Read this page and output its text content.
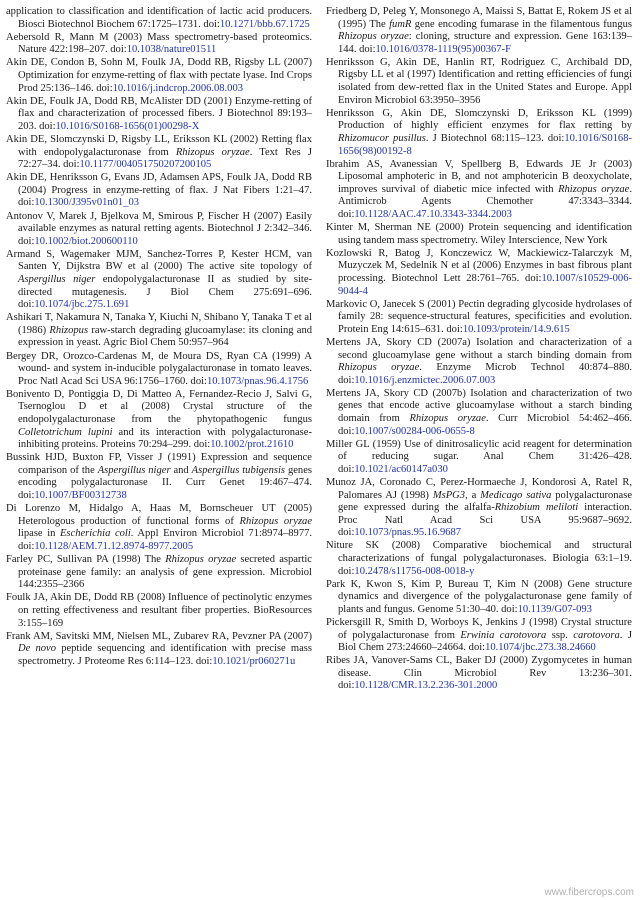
application to classification and identification of lactic acid producers. Biosci Biotechnol Biochem 67:1725–1731. doi:10.1271/bbb.67.1725

Aebersold R, Mann M (2003) Mass spectrometry-based proteomics. Nature 422:198–207. doi:10.1038/nature01511

Akin DE, Condon B, Sohn M, Foulk JA, Dodd RB, Rigsby LL (2007) Optimization for enzyme-retting of flax with pectate lyase. Ind Crops Prod 25:136–146. doi:10.1016/j.indcrop.2006.08.003

Akin DE, Foulk JA, Dodd RB, McAlister DD (2001) Enzyme-retting of flax and characterization of processed fibers. J Biotechnol 89:193–203. doi:10.1016/S0168-1656(01)00298-X

Akin DE, Slomczynski D, Rigsby LL, Eriksson KL (2002) Retting flax with endopolygalacturonase from Rhizopus oryzae. Text Res J 72:27–34. doi:10.1177/004051750207200105

Akin DE, Henriksson G, Evans JD, Adamsen APS, Foulk JA, Dodd RB (2004) Progress in enzyme-retting of flax. J Nat Fibers 1:21–47. doi:10.1300/J395v01n01_03

Antonov V, Marek J, Bjelkova M, Smirous P, Fischer H (2007) Easily available enzymes as natural retting agents. Biotechnol J 2:342–346. doi:10.1002/biot.200600110

Armand S, Wagemaker MJM, Sanchez-Torres P, Kester HCM, van Santen Y, Dijkstra BW et al (2000) The active site topology of Aspergillus niger endopolygalacturonase II as studied by site-directed mutagenesis. J Biol Chem 275:691–696. doi:10.1074/jbc.275.1.691

Ashikari T, Nakamura N, Tanaka Y, Kiuchi N, Shibano Y, Tanaka T et al (1986) Rhizopus raw-starch degrading glucoamylase: its cloning and expression in yeast. Agric Biol Chem 50:957–964

Bergey DR, Orozco-Cardenas M, de Moura DS, Ryan CA (1999) A wound- and system in-inducible polygalacturonase in tomato leaves. Proc Natl Acad Sci USA 96:1756–1760. doi:10.1073/pnas.96.4.1756

Bonivento D, Pontiggia D, Di Matteo A, Fernandez-Recio J, Salvi G, Tsernoglou D et al (2008) Crystal structure of the endopolygalacturonase from the phytopathogenic fungus Colletotrichum lupini and its interaction with polygalacturonase-inhibiting proteins. Proteins 70:294–299. doi:10.1002/prot.21610

Bussink HJD, Buxton FP, Visser J (1991) Expression and sequence comparison of the Aspergillus niger and Aspergillus tubigensis genes encoding polygalacturonase II. Curr Genet 19:467–474. doi:10.1007/BF00312738

Di Lorenzo M, Hidalgo A, Haas M, Bornscheuer UT (2005) Heterologous production of functional forms of Rhizopus oryzae lipase in Escherichia coli. Appl Environ Microbiol 71:8974–8977. doi:10.1128/AEM.71.12.8974-8977.2005

Farley PC, Sullivan PA (1998) The Rhizopus oryzae secreted aspartic proteinase gene family: an analysis of gene expression. Microbiol 144:2355–2366

Foulk JA, Akin DE, Dodd RB (2008) Influence of pectinolytic enzymes on retting effectiveness and resultant fiber properties. BioResources 3:155–169

Frank AM, Savitski MM, Nielsen ML, Zubarev RA, Pevzner PA (2007) De novo peptide sequencing and identification with precise mass spectrometry. J Proteome Res 6:114–123. doi:10.1021/pr060271u

Friedberg D, Peleg Y, Monsonego A, Maissi S, Battat E, Rokem JS et al (1995) The fumR gene encoding fumarase in the filamentous fungus Rhizopus oryzae: cloning, structure and expression. Gene 163:139–144. doi:10.1016/0378-1119(95)00367-F

Henriksson G, Akin DE, Hanlin RT, Rodriguez C, Archibald DD, Rigsby LL et al (1997) Identification and retting efficiencies of fungi isolated from dew-retted flax in the United States and Europe. Appl Environ Microbiol 63:3950–3956

Henriksson G, Akin DE, Slomczynski D, Eriksson KL (1999) Production of highly efficient enzymes for flax retting by Rhizomucor pusillus. J Biotechnol 68:115–123. doi:10.1016/S0168-1656(98)00192-8

Ibrahim AS, Avanessian V, Spellberg B, Edwards JE Jr (2003) Liposomal amphoteric in B, and not amphotericin B deoxycholate, improves survival of diabetic mice infected with Rhizopus oryzae. Antimicrob Agents Chemother 47:3343–3344. doi:10.1128/AAC.47.10.3343-3344.2003

Kinter M, Sherman NE (2000) Protein sequencing and identification using tandem mass spectrometry. Wiley Interscience, New York

Kozlowski R, Batog J, Konczewicz W, Mackiewicz-Talarczyk M, Muzyczek M, Sedelnik N et al (2006) Enzymes in bast fibrous plant processing. Biotechnol Lett 28:761–765. doi:10.1007/s10529-006-9044-4

Markovic O, Janecek S (2001) Pectin degrading glycoside hydrolases of family 28: sequence-structural features, specificities and evolution. Protein Eng 14:615–631. doi:10.1093/protein/14.9.615

Mertens JA, Skory CD (2007a) Isolation and characterization of a second glucoamylase gene without a starch binding domain from Rhizopus oryzae. Enzyme Microb Technol 40:874–880. doi:10.1016/j.enzmictec.2006.07.003

Mertens JA, Skory CD (2007b) Isolation and characterization of two genes that encode active glucoamylase without a starch binding domain from Rhizopus oryzae. Curr Microbiol 54:462–466. doi:10.1007/s00284-006-0655-8

Miller GL (1959) Use of dinitrosalicylic acid reagent for determination of reducing sugar. Anal Chem 31:426–428. doi:10.1021/ac60147a030

Munoz JA, Coronado C, Perez-Hormaeche J, Kondorosi A, Ratel R, Palomares AJ (1998) MsPG3, a Medicago sativa polygalacturonase gene expressed during the alfalfa-Rhizobium meliloti interaction. Proc Natl Acad Sci USA 95:9687–9692. doi:10.1073/pnas.95.16.9687

Niture SK (2008) Comparative biochemical and structural characterizations of fungal polygalacturonases. Biologia 63:1–19. doi:10.2478/s11756-008-0018-y

Park K, Kwon S, Kim P, Bureau T, Kim N (2008) Gene structure dynamics and divergence of the polygalacturonase gene family of plants and fungus. Genome 51:30–40. doi:10.1139/G07-093

Pickersgill R, Smith D, Worboys K, Jenkins J (1998) Crystal structure of polygalacturonase from Erwinia carotovora ssp. carotovora. J Biol Chem 273:24660–24664. doi:10.1074/jbc.273.38.24660

Ribes JA, Vanover-Sams CL, Baker DJ (2000) Zygomycetes in human disease. Clin Microbiol Rev 13:236–301. doi:10.1128/CMR.13.2.236-301.2000

www.fibercrops.com
